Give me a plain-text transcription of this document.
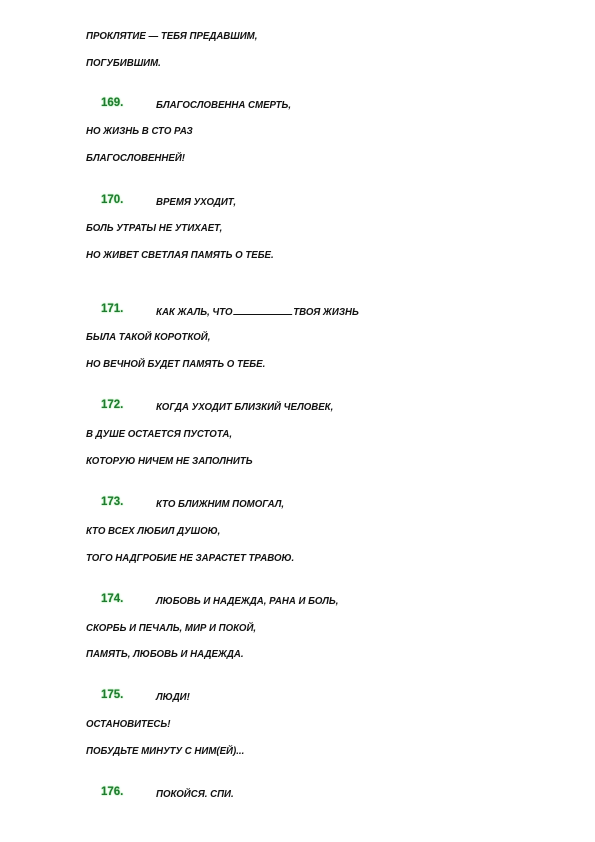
ПРОКЛЯТИЕ — ТЕБЯ ПРЕДАВШИМ,
ПОГУБИВШИМ.
169.	БЛАГОСЛОВЕННА СМЕРТЬ,
НО ЖИЗНЬ В СТО РАЗ
БЛАГОСЛОВЕННЕЙ!
170.	ВРЕМЯ УХОДИТ,
БОЛЬ УТРАТЫ НЕ УТИХАЕТ,
НО ЖИВЕТ СВЕТЛАЯ ПАМЯТЬ О ТЕБЕ.
171.	КАК ЖАЛЬ, ЧТО	ТВОЯ ЖИЗНЬ
БЫЛА ТАКОЙ КОРОТКОЙ,
НО ВЕЧНОЙ БУДЕТ ПАМЯТЬ О ТЕБЕ.
172.	КОГДА УХОДИТ БЛИЗКИЙ ЧЕЛОВЕК,
В ДУШЕ ОСТАЕТСЯ ПУСТОТА,
КОТОРУЮ НИЧЕМ НЕ ЗАПОЛНИТЬ
173.	КТО БЛИЖНИМ ПОМОГАЛ,
КТО ВСЕХ ЛЮБИЛ ДУШОЮ,
ТОГО НАДГРОБИЕ НЕ ЗАРАСТЕТ ТРАВОЮ.
174.	ЛЮБОВЬ И НАДЕЖДА, РАНА И БОЛЬ,
СКОРБЬ И ПЕЧАЛЬ, МИР И ПОКОЙ,
ПАМЯТЬ, ЛЮБОВЬ И НАДЕЖДА.
175.	ЛЮДИ!
ОСТАНОВИТЕСЬ!
ПОБУДЬТЕ МИНУТУ С НИМ(ЕЙ)...
176.	ПОКОЙСЯ. СПИ.
